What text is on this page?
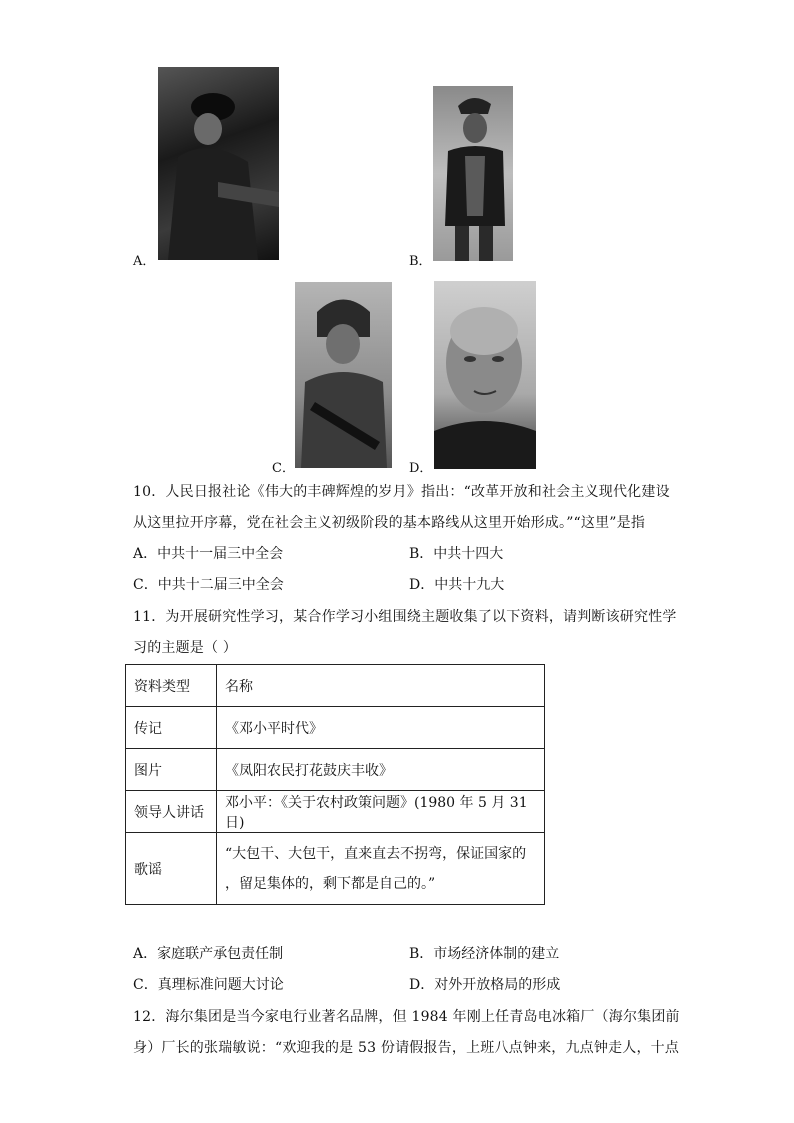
A．	B．
C．	D．
10．人民日报社论《伟大的丰碑辉煌的岁月》指出：“改革开放和社会主义现代化建设
从这里拉开序幕，党在社会主义初级阶段的基本路线从这里开始形成。”“这里”是指
A．中共十一届三中全会	B．中共十四大
C．中共十二届三中全会	D．中共十九大
11．为开展研究性学习，某合作学习小组围绕主题收集了以下资料，请判断该研究性学
习的主题是（ ）
资料类型	名称
传记	《邓小平时代》
图片	《凤阳农民打花鼓庆丰收》
领导人讲话	邓小平：《关于农村政策问题》(1980 年 5 月 31 日)
歌谣	“大包干、大包干，直来直去不拐弯，保证国家的
，留足集体的，剩下都是自己的。”
A．家庭联产承包责任制	B．市场经济体制的建立
C．真理标准问题大讨论	D．对外开放格局的形成
12．海尔集团是当今家电行业著名品牌，但 1984 年刚上任青岛电冰箱厂（海尔集团前
身）厂长的张瑞敏说：“欢迎我的是 53 份请假报告，上班八点钟来，九点钟走人，十点
